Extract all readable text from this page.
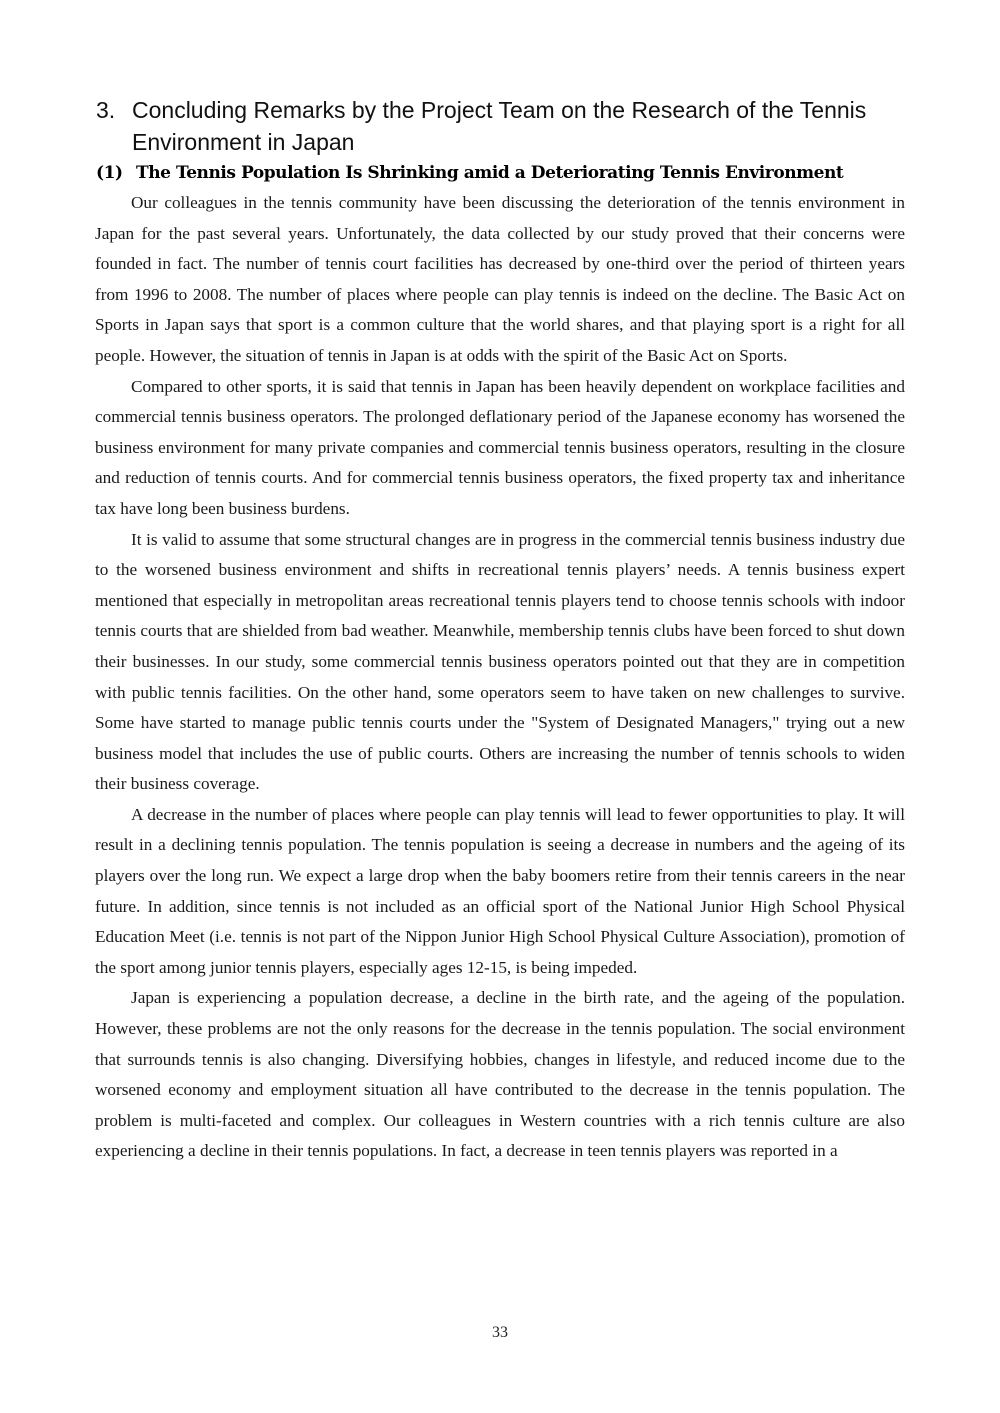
3. Concluding Remarks by the Project Team on the Research of the Tennis Environment in Japan
(1) The Tennis Population Is Shrinking amid a Deteriorating Tennis Environment

Our colleagues in the tennis community have been discussing the deterioration of the tennis environment in Japan for the past several years. Unfortunately, the data collected by our study proved that their concerns were founded in fact. The number of tennis court facilities has decreased by one-third over the period of thirteen years from 1996 to 2008. The number of places where people can play tennis is indeed on the decline. The Basic Act on Sports in Japan says that sport is a common culture that the world shares, and that playing sport is a right for all people. However, the situation of tennis in Japan is at odds with the spirit of the Basic Act on Sports.

Compared to other sports, it is said that tennis in Japan has been heavily dependent on workplace facilities and commercial tennis business operators. The prolonged deflationary period of the Japanese economy has worsened the business environment for many private companies and commercial tennis business operators, resulting in the closure and reduction of tennis courts. And for commercial tennis business operators, the fixed property tax and inheritance tax have long been business burdens.

It is valid to assume that some structural changes are in progress in the commercial tennis business industry due to the worsened business environment and shifts in recreational tennis players’ needs. A tennis business expert mentioned that especially in metropolitan areas recreational tennis players tend to choose tennis schools with indoor tennis courts that are shielded from bad weather. Meanwhile, membership tennis clubs have been forced to shut down their businesses. In our study, some commercial tennis business operators pointed out that they are in competition with public tennis facilities. On the other hand, some operators seem to have taken on new challenges to survive. Some have started to manage public tennis courts under the "System of Designated Managers," trying out a new business model that includes the use of public courts. Others are increasing the number of tennis schools to widen their business coverage.

A decrease in the number of places where people can play tennis will lead to fewer opportunities to play. It will result in a declining tennis population. The tennis population is seeing a decrease in numbers and the ageing of its players over the long run. We expect a large drop when the baby boomers retire from their tennis careers in the near future. In addition, since tennis is not included as an official sport of the National Junior High School Physical Education Meet (i.e. tennis is not part of the Nippon Junior High School Physical Culture Association), promotion of the sport among junior tennis players, especially ages 12-15, is being impeded.

Japan is experiencing a population decrease, a decline in the birth rate, and the ageing of the population. However, these problems are not the only reasons for the decrease in the tennis population. The social environment that surrounds tennis is also changing. Diversifying hobbies, changes in lifestyle, and reduced income due to the worsened economy and employment situation all have contributed to the decrease in the tennis population. The problem is multi-faceted and complex. Our colleagues in Western countries with a rich tennis culture are also experiencing a decline in their tennis populations. In fact, a decrease in teen tennis players was reported in a

33
